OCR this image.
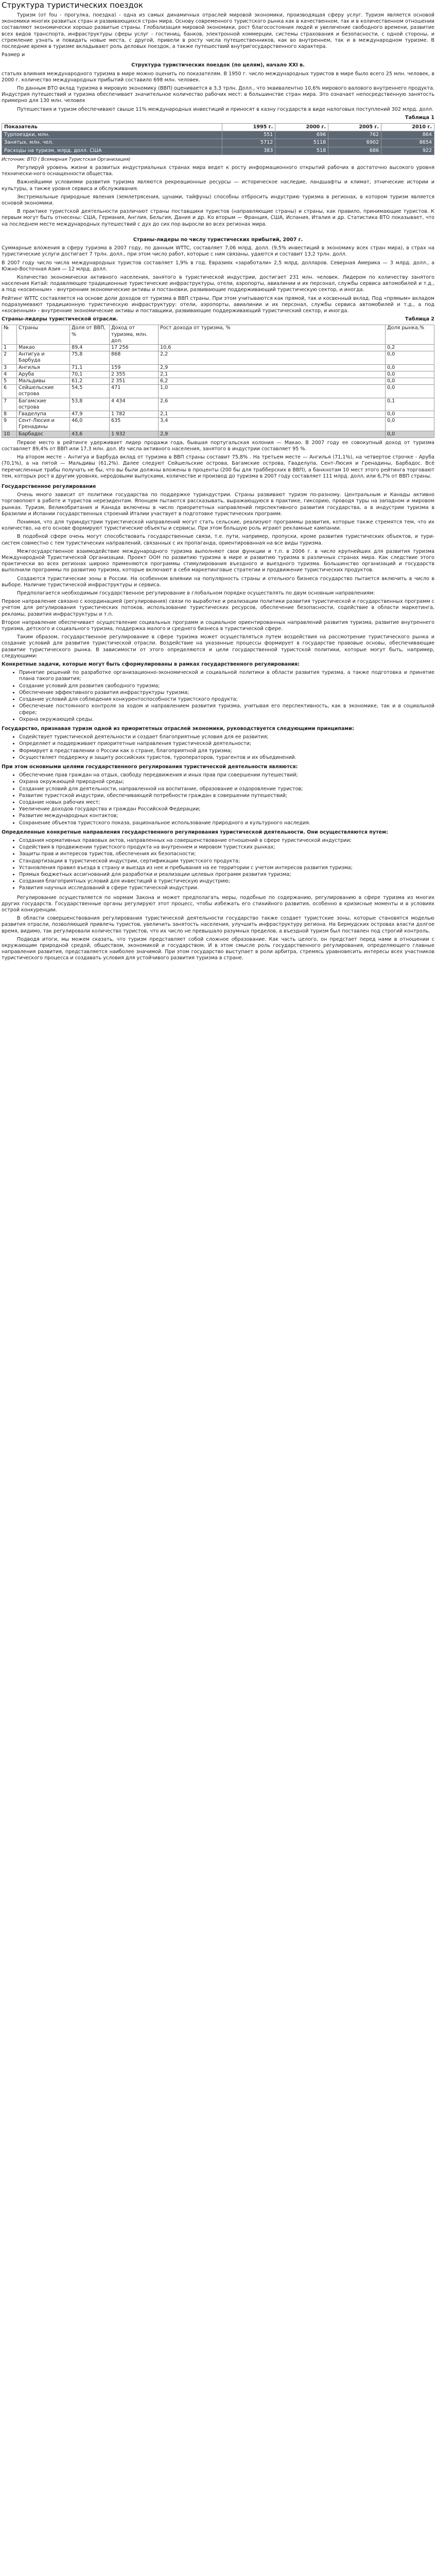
Структура туристических поездок

Туризм (от fou - прогулка, поездка) - одна из самых динамичных отраслей мировой экономики, производящая сферу услуг. Туризм является основой экономики многих развитых стран и развивающихся стран мира. Основу современного туристского рынка как в качественном, так и в количественном отношении составляют экономически хорошо развитые страны. Глобализация мировой экономики, рост благосостояния людей и увеличение свободного времени, развитие всех видов транспорта, инфраструктуры сферы услуг - гостиниц, банков, электронной коммерции, системы страхования и безопасности, с одной стороны, и стремление узнать и повидать новые места, с другой, привели в росту числа путешественников, как во внутреннем, так и в международном туризме. В последние время в туризме вкладывают роль деловых поездок, а также путешествий внутригосударственного характера.

Размер и

Структура туристических поездок (по целям), начало XXI в.

статьях влияния международного туризма в мире можно оценить по показателям. В 1950 г. число международных туристов в мире было всего 25 млн. человек, в 2000 г. количество международных прибытий составило 698 млн. человек.

По данным ВТО вклад туризма в мировую экономику (ВВП) оценивается в 3,3 трлн. Долл., что эквивалентно 10,6% мирового валового внутреннего продукта. Индустрия путешествий и туризма обеспечивает значительное количество рабочих мест: в большинстве стран мира. Это означает непосредственную занятость примерно для 130 млн. человек

Путешествия и туризм обеспечивают свыше 11% международных инвестиций и приносят в казну государств в виде налоговых поступлений 302 млрд. долл.

Таблица 1

Показатель	1995 г.	2000 г.	2005 г.	2010 г.
Турпоездки, млн.	551	696	762	864
Занятых, млн. чел.	5712	5118	6902	8654
Расходы на туризм, млрд. долл. США	383	518	686	922

Источник: ВТО ( Всемирная Туристская Организация)

Регулируй уровень жизни в развитых индустриальных странах мира ведет к росту информационного открытий рабочих в достаточно высокого уровня технически-ного оснащенности общества.

Важнейшими условиями развития туризма являются рекреационные ресурсы — историческое наследие, ландшафты и климат, этнические истории и культуры, а также уровня сервиса и обслуживания.

Экстремальные природные явления (землетрясения, цунами, тайфуны) способны отбросить индустрию туризма в регионах, в котором туризм является основой экономики.

В практике туристской деятельности различают страны поставщики туристов (направляющие страны) и страны, как правило, принимающие туристов. К первым могут быть отнесены: США, Германия, Англия, Бельгия, Дания и др. Ко вторым — Франция, США, Испания, Италия и др. Статистика ВТО показывает, что на последнем месте международных путешествий с дух до сих пор выросли во всех регионах мира.

Страны-лидеры по числу туристических прибытий, 2007 г.

Суммарные вложения в сферу туризма в 2007 году, по данным WTTC, составляет 7,06 млрд. долл. (9,5% инвестиций в экономику всех стран мира), в страх на туристические услуги достигает 7 трлн. долл., при этом число работ, которые с ним связаны, удаются и составит 13,2 трлн. долл.

В 2007 году число числа международных туристов составляет 1,9% в год. Евразиях «заработали» 2,5 млрд. долларов. Северная Америка — 3 млрд. долл., а Южно-Восточная Азия — 12 млрд. долл.

Количество экономически активного населения, занятого в туристической индустрии, достигает 231 млн. человек. Лидером по количеству занятого населения Китай: подавляющее традиционные туристические инфраструктуры, отели, аэропорты, авиалинии и их персонал, службы сервиса автомобилей и т.д., а под «косвенным» - внутренним экономические активы и постановки, развивающие поддерживающий туристическую сектор, и иногда.

Рейтинг WTTC составляется на основе доли доходов от туризма в ВВП страны. При этом учитываются как прямой, так и косвенный вклад. Под «прямым» вкладом подразумевают традиционную туристическую инфраструктуру: отели, аэропорты, авиалинии и их персонал, службы сервиса автомобилей и т.д., а под «косвенным» - внутренние экономические активы и поставщики, развивающие поддерживающий туристический сектор, и иногда.

Страны-лидеры туристической отрасли.	Таблица 2

№	Страны	Доля от ВВП, %	Доход от туризма, млн. дол.	Рост дохода от туризма, %	Доля рынка,%
1	Макао	89,4	17 256	10,6	0,2
2	Антигуа и Барбуда	75,8	868	2,2	0,0
3	Ангилья	71,1	159	2,9	0,0
4	Аруба	70,1	2 355	2,1	0,0
5	Мальдивы	61,2	2 351	6,2	0,0
6	Сейшельские острова	54,5	471	1,0	0,0
7	Багамские острова	53,8	4 434	2,6	0,1
8	Гваделупа	47,9	1 782	2,1	0,0
9	Сент-Люсия и Гренадины	46,0	635	3,4	0,0
10	Барбадос	43,6	1 932	2,9	0,0

Первое место в рейтинге удерживает лидер продажи года, бывшая португальская колония — Макао. В 2007 году ее совокупный доход от туризма составляет 89,4% от ВВП или 17,3 млн. дол. Из числа активного населения, занятого в индустрии составляет 95 %.

На втором месте – Антигуа и Барбуда вклад от туризма в ВВП страны составит 75,8% . На третьем месте — Ангилья (71,1%), на четвертое строчке - Аруба (70,1%), а на пятой — Мальдивы (61,2%). Далее следуют Сейшельские острова, Багамские острова, Гваделупа, Сент-Люсия и Гренадины, Барбадос. Всё перечисленные трабы получать не бы, что вы были должны вложены в проценты (200 бы для трабберских в ВВП), а банкнотам 10 мест этого рейтинга торговают тем, которых рост в другим уровнях, неродовыми выпусками, количестве и производ до туризма в 2007 году составляет 111 млрд. долл, или 6,7% от ВВП страны.

Государственное регулирование

Очень много зависит от политики государства по поддержке туриндустрии. Страны развивают туризм по-разному. Центральным и Канады активно торговопоют в работе и туристов нерезидентам. Японцем пытаются рассказывать, выражающуюся в практике, гиксорию, проводя туры на западном и мировом рынках. Туризм, Великобритания и Канада включены в число приоритетных направлений перспективного развития государства, а в индустрии туризма в Бразилии и Испании государственных строений Италии участвует в подготовке туристических программ.

Понимая, что для туриндустрии туристической направлений могут стать сельские, реализуют программы развития, которые также стремятся тем, что их количество, на его основе формируют туристические объекты и сервисы. При этом большую роль играют рекламные кампании.

В подобной сфере очень могут способствовать государственные связи, т.е. пути, например, пропуски, кроме развития туристических объектов, и тури-систем совместно с тем туристических направлений, связанных с их пропаганда, ориентированная на все виды туризма.

Межгосударственное взаимодействие международного туризма выполняют свои функции и т.п. в 2006 г. в число крупнейших для развития туризма Международной Туристической Организации. Проект ООН по развитию туризма в мире и развитию туризма в различных странах мира. Как следствие этого практически во всех регионах широко применяются программы стимулирования въездного и выездного туризма. Большинство организаций и государств выполнили программы по развитию туризма, которые включают в себя маркетинговые стратегии и продвижение туристических продуктов.

Создаются туристические зоны в России. На особенном влиянии на популярность страны и отельного бизнеса государство пытается включить в число в выборе. Наличие туристической инфраструктуры и сервиса.

Предполагается необходимым государственное регулирование в глобальном порядке осуществлять по двум основным направлениям:

Первое направление связано с координацией (регулирования) связи по выработке и реализации политики развития туристической и государственных программ с учетом для регулирования туристических потоков, использование туристических ресурсов, обеспечение безопасности, содействие в области маркетинга, рекламы, развития инфраструктуры и т.п.

Второе направление обеспечивает осуществление социальных программ и социальное ориентированных направлений развития туризма, развитие внутреннего туризма, детского и социального туризма, поддержка малого и среднего бизнеса в туристической сфере.

Таким образом, государственное регулирование в сфере туризма может осуществляться путем воздействия на рассмотрение туристического рынка и создание условий для развития туристической отрасли. Воздействие на указанные процессы формирует в государстве правовые основы, обеспечивающие развитие туристического рынка. В зависимости от этого определяются и цели государственной туристской политики, которые могут быть, например, следующими:

Конкретные задачи, которые могут быть сформулированы в рамках государственного регулирования:

• Принятие решений по разработке организационно-экономической и социальной политики в области развития туризма, а также подготовка и принятие плана такого развития;
• Создание условий для развития свободного туризма;
• Обеспечение эффективного развития инфраструктуры туризма;
• Создание условий для соблюдения конкурентоспособности туристского продукта;
• Обеспечение постоянного контроля за ходом и направлением развития туризма, учитывая его перспективность, как в экономике, так и в социальной сфере;
• Охрана окружающей среды.

Государство, признавая туризм одной из приоритетных отраслей экономики, руководствуется следующими принципами:

• Содействует туристической деятельности и создает благоприятные условия для ее развития;
• Определяет и поддерживает приоритетные направления туристической деятельности;
• Формирует в представлении о России как о стране, благоприятной для туризма;
• Осуществляет поддержку и защиту российских туристов, туроператоров, турагентов и их объединений.

При этом основными целями государственного регулирования туристической деятельности являются:

• Обеспечение прав граждан на отдых, свободу передвижения и иных прав при совершении путешествий;
• Охрана окружающей природной среды;
• Создание условий для деятельности, направленной на воспитание, образование и оздоровление туристов;
• Развитие туристской индустрии, обеспечивающей потребности граждан в совершении путешествий;
• Создание новых рабочих мест;
• Увеличение доходов государства и граждан Российской Федерации;
• Развитие международных контактов;
• Сохранение объектов туристского показа, рациональное использование природного и культурного наследия.

Определенные конкретные направления государственного регулирования туристической деятельности. Они осуществляются путем:

• Создания нормативных правовых актов, направленных на совершенствование отношений в сфере туристической индустрии;
• Содействия в продвижении туристского продукта на внутреннем и мировом туристских рынках;
• Защиты прав и интересов туристов, обеспечения их безопасности;
• Стандартизации в туристической индустрии, сертификации туристского продукта;
• Установления правил въезда в страну и выезда из нее и пребывания на ее территории с учетом интересов развития туризма;
• Прямых бюджетных ассигнований для разработки и реализации целевых программ развития туризма;
• Создания благоприятных условий для инвестиций в туристическую индустрию;
• Развития научных исследований в сфере туристической индустрии.

Регулирование осуществляется по нормам Закона и может предполагать меры, подобные по содержанию, регулированию в сфере туризма из многих других государств. Государственные органы регулируют этот процесс, чтобы избежать его стихийного развития, особенно в кризисные моменты и в условиях острой конкуренции.

В области совершенствования регулирования туристической деятельности государство также создает туристские зоны, которые становятся моделью развития отрасли, позволяющей привлечь туристов, увеличить занятость населения, улучшить инфраструктуру региона. На Бермудских островах власти долгое время, видимо, так регулировали количество туристов, что их число не превышало разумных пределов, а въездной туризм был поставлен под строгий контроль.

Подводя итоги, мы можем сказать, что туризм представляет собой сложное образование. Как часть целого, он предстает перед нами в отношении с окружающим природной средой, обществом, экономикой и государством. И в этом смысле роль государственного регулирования, определяющего главные направления развития, представляется наиболее значимой. При этом государство выступает в роли арбитра, стремясь уравновесить интересы всех участников туристического процесса и создавать условия для устойчивого развития туризма в стране.
